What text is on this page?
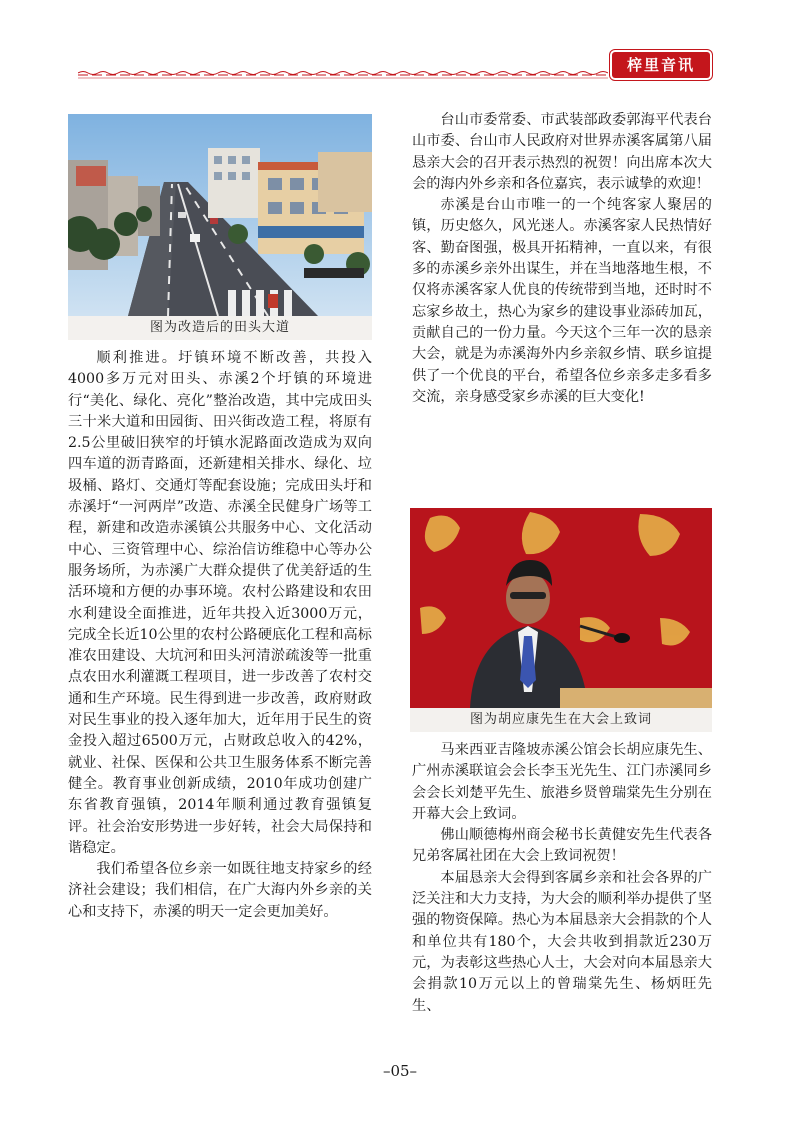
梓里音讯
图为改造后的田头大道

顺利推进。圩镇环境不断改善，共投入4000多万元对田头、赤溪2个圩镇的环境进行“美化、绿化、亮化”整治改造，其中完成田头三十米大道和田园街、田兴街改造工程，将原有2.5公里破旧狭窄的圩镇水泥路面改造成为双向四车道的沥青路面，还新建相关排水、绿化、垃圾桶、路灯、交通灯等配套设施；完成田头圩和赤溪圩“一河两岸”改造、赤溪全民健身广场等工程，新建和改造赤溪镇公共服务中心、文化活动中心、三资管理中心、综治信访维稳中心等办公服务场所，为赤溪广大群众提供了优美舒适的生活环境和方便的办事环境。农村公路建设和农田水利建设全面推进，近年共投入近3000万元，完成全长近10公里的农村公路硬底化工程和高标准农田建设、大坑河和田头河清淤疏浚等一批重点农田水利灌溉工程项目，进一步改善了农村交通和生产环境。民生得到进一步改善，政府财政对民生事业的投入逐年加大，近年用于民生的资金投入超过6500万元，占财政总收入的42%，就业、社保、医保和公共卫生服务体系不断完善健全。教育事业创新成绩，2010年成功创建广东省教育强镇，2014年顺利通过教育强镇复评。社会治安形势进一步好转，社会大局保持和谐稳定。

我们希望各位乡亲一如既往地支持家乡的经济社会建设；我们相信，在广大海内外乡亲的关心和支持下，赤溪的明天一定会更加美好。

台山市委常委、市武装部政委郭海平代表台山市委、台山市人民政府对世界赤溪客属第八届恳亲大会的召开表示热烈的祝贺！向出席本次大会的海内外乡亲和各位嘉宾，表示诚挚的欢迎！

赤溪是台山市唯一的一个纯客家人聚居的镇，历史悠久，风光迷人。赤溪客家人民热情好客、勤奋图强，极具开拓精神，一直以来，有很多的赤溪乡亲外出谋生，并在当地落地生根，不仅将赤溪客家人优良的传统带到当地，还时时不忘家乡故土，热心为家乡的建设事业添砖加瓦，贡献自己的一份力量。今天这个三年一次的恳亲大会，就是为赤溪海外内乡亲叙乡情、联乡谊提供了一个优良的平台，希望各位乡亲多走多看多交流，亲身感受家乡赤溪的巨大变化!

图为胡应康先生在大会上致词

马来西亚吉隆坡赤溪公馆会长胡应康先生、广州赤溪联谊会会长李玉光先生、江门赤溪同乡会会长刘楚平先生、旅港乡贤曾瑞棠先生分别在开幕大会上致词。

佛山顺德梅州商会秘书长黄健安先生代表各兄弟客属社团在大会上致词祝贺！

本届恳亲大会得到客属乡亲和社会各界的广泛关注和大力支持，为大会的顺利举办提供了坚强的物资保障。热心为本届恳亲大会捐款的个人和单位共有180个，大会共收到捐款近230万元，为表彰这些热心人士，大会对向本届恳亲大会捐款10万元以上的曾瑞棠先生、杨炳旺先生、

–05–
